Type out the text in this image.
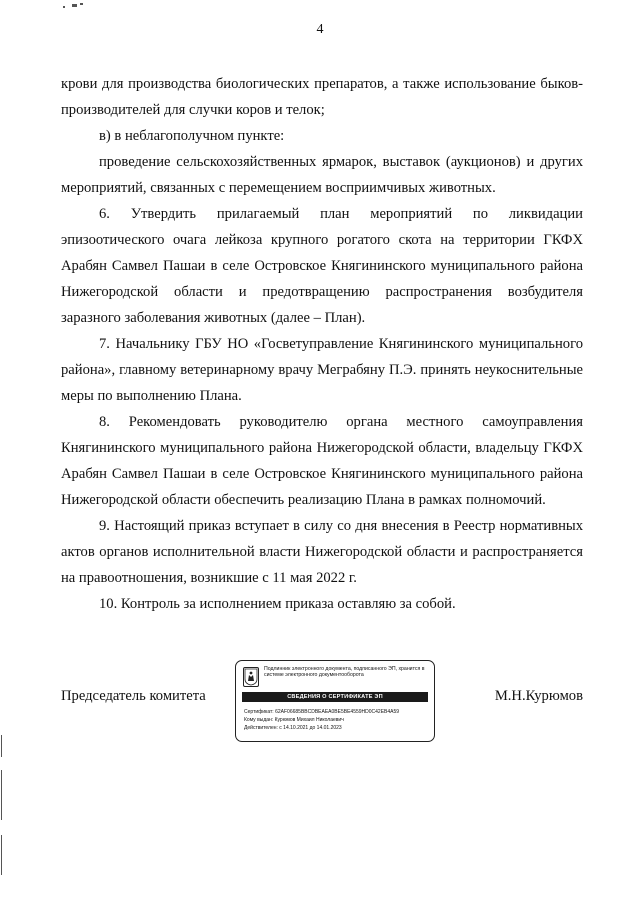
4

крови для производства биологических препаратов, а также использование быков-производителей для случки коров и телок;

в) в неблагополучном пункте:

проведение сельскохозяйственных ярмарок, выставок (аукционов) и других мероприятий, связанных с перемещением восприимчивых животных.

6. Утвердить прилагаемый план мероприятий по ликвидации эпизоотического очага лейкоза крупного рогатого скота на территории ГКФХ Арабян Самвел Пашаи в селе Островское Княгининского муниципального района Нижегородской области и предотвращению распространения возбудителя заразного заболевания животных (далее – План).

7. Начальнику ГБУ НО «Госветуправление Княгининского муниципального района», главному ветеринарному врачу Меграбяну П.Э. принять неукоснительные меры по выполнению Плана.

8. Рекомендовать руководителю органа местного самоуправления Княгининского муниципального района Нижегородской области, владельцу ГКФХ Арабян Самвел Пашаи в селе Островское Княгининского муниципального района Нижегородской области обеспечить реализацию Плана в рамках полномочий.

9. Настоящий приказ вступает в силу со дня внесения в Реестр нормативных актов органов исполнительной власти Нижегородской области и распространяется на правоотношения, возникшие с 11 мая 2022 г.

10. Контроль за исполнением приказа оставляю за собой.

Председатель комитета
Подлинник электронного документа, подписанного ЭП, хранится в системе электронного документооборота
СВЕДЕНИЯ О СЕРТИФИКАТЕ ЭП
Сертификат: 62AF06685BBCDBEAEA0BE5BE4559HD0C42EB4A59
Кому выдан: Курюмов Михаил Николаевич
Действителен: с 14.10.2021 до 14.01.2023
М.Н.Курюмов
